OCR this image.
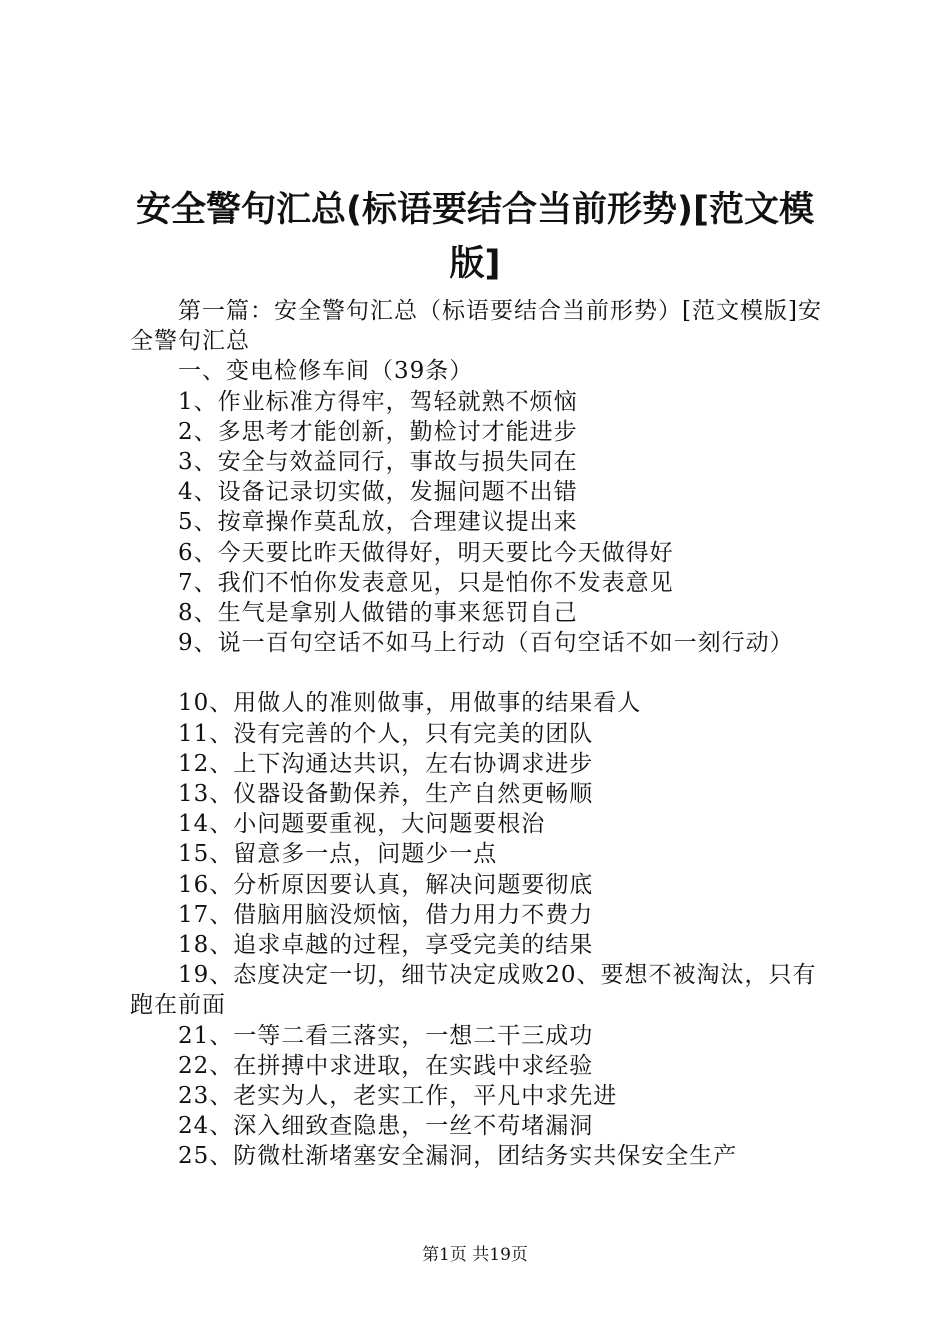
安全警句汇总(标语要结合当前形势)[范文模版]
第一篇：安全警句汇总（标语要结合当前形势）[范文模版]安全警句汇总
一、变电检修车间（39条）
1、作业标准方得牢，驾轻就熟不烦恼
2、多思考才能创新，勤检讨才能进步
3、安全与效益同行，事故与损失同在
4、设备记录切实做，发掘问题不出错
5、按章操作莫乱放，合理建议提出来
6、今天要比昨天做得好，明天要比今天做得好
7、我们不怕你发表意见，只是怕你不发表意见
8、生气是拿别人做错的事来惩罚自己
9、说一百句空话不如马上行动（百句空话不如一刻行动）
10、用做人的准则做事，用做事的结果看人
11、没有完善的个人，只有完美的团队
12、上下沟通达共识，左右协调求进步
13、仪器设备勤保养，生产自然更畅顺
14、小问题要重视，大问题要根治
15、留意多一点，问题少一点
16、分析原因要认真，解决问题要彻底
17、借脑用脑没烦恼，借力用力不费力
18、追求卓越的过程，享受完美的结果
19、态度决定一切，细节决定成败20、要想不被淘汰，只有跑在前面
21、一等二看三落实，一想二干三成功
22、在拼搏中求进取，在实践中求经验
23、老实为人，老实工作，平凡中求先进
24、深入细致查隐患，一丝不苟堵漏洞
25、防微杜渐堵塞安全漏洞，团结务实共保安全生产
第1页 共19页
